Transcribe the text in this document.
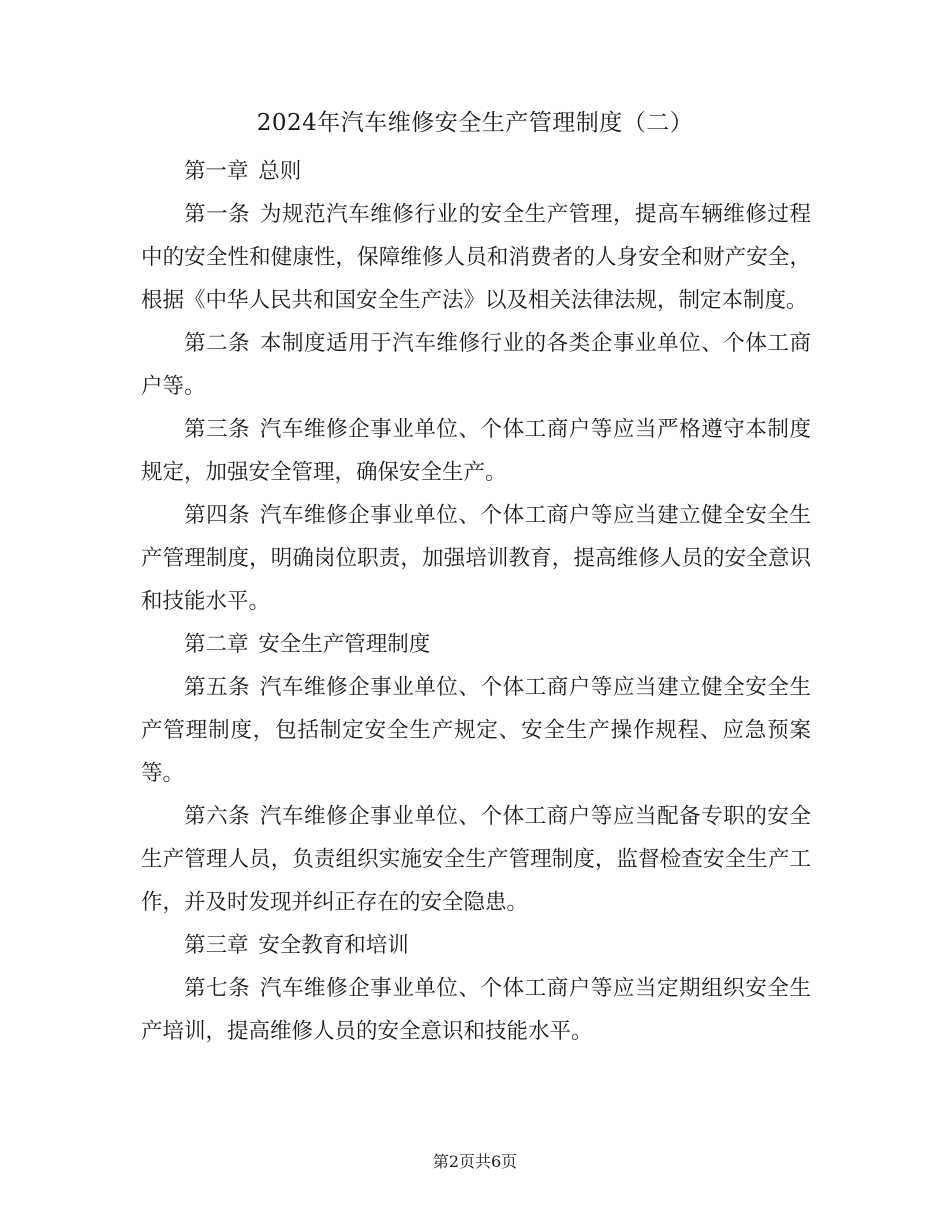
2024年汽车维修安全生产管理制度（二）

第一章 总则

第一条 为规范汽车维修行业的安全生产管理，提高车辆维修过程中的安全性和健康性，保障维修人员和消费者的人身安全和财产安全，根据《中华人民共和国安全生产法》以及相关法律法规，制定本制度。

第二条 本制度适用于汽车维修行业的各类企事业单位、个体工商户等。

第三条 汽车维修企事业单位、个体工商户等应当严格遵守本制度规定，加强安全管理，确保安全生产。

第四条 汽车维修企事业单位、个体工商户等应当建立健全安全生产管理制度，明确岗位职责，加强培训教育，提高维修人员的安全意识和技能水平。

第二章 安全生产管理制度

第五条 汽车维修企事业单位、个体工商户等应当建立健全安全生产管理制度，包括制定安全生产规定、安全生产操作规程、应急预案等。

第六条 汽车维修企事业单位、个体工商户等应当配备专职的安全生产管理人员，负责组织实施安全生产管理制度，监督检查安全生产工作，并及时发现并纠正存在的安全隐患。

第三章 安全教育和培训

第七条 汽车维修企事业单位、个体工商户等应当定期组织安全生产培训，提高维修人员的安全意识和技能水平。

第2页共6页
